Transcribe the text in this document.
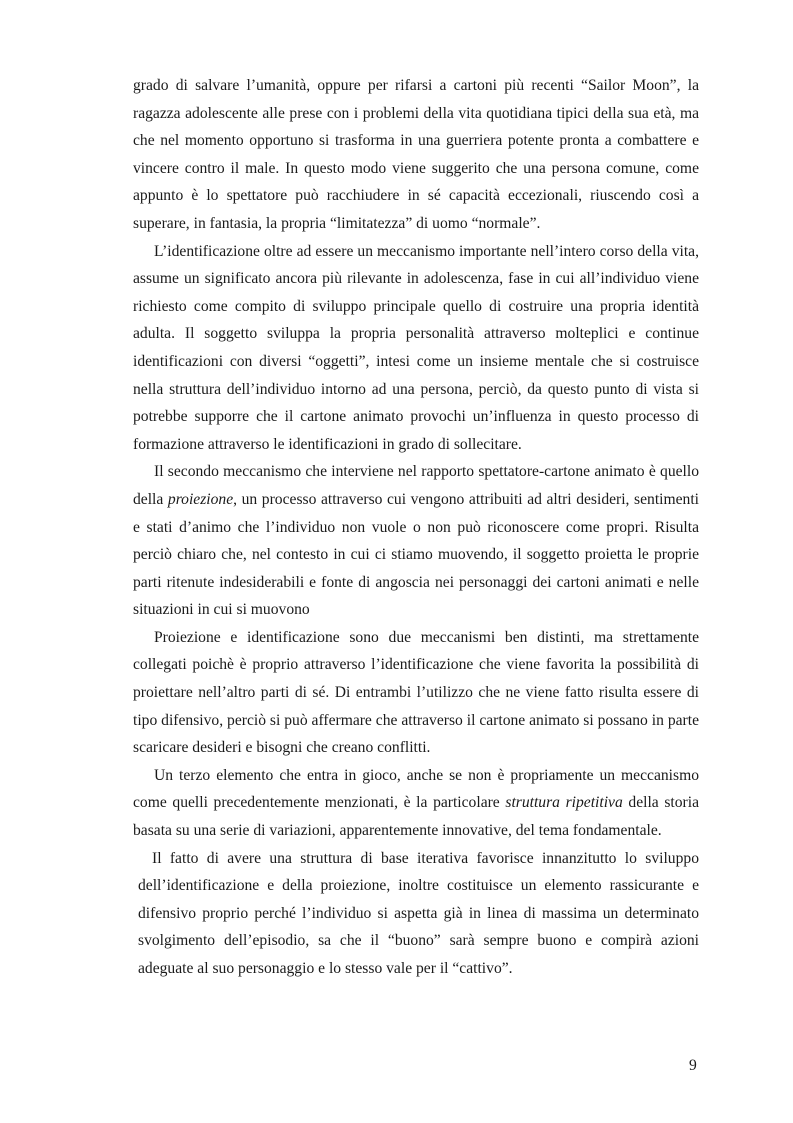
grado di salvare l’umanità, oppure per rifarsi a cartoni più recenti “Sailor Moon”, la ragazza adolescente alle prese con i problemi della vita quotidiana tipici della sua età, ma che nel momento opportuno si trasforma in una guerriera potente pronta a combattere e vincere contro il male. In questo modo viene suggerito che una persona comune, come appunto è lo spettatore può racchiudere in sé capacità eccezionali, riuscendo così a superare, in fantasia, la propria “limitatezza” di uomo “normale”.

L’identificazione oltre ad essere un meccanismo importante nell’intero corso della vita, assume un significato ancora più rilevante in adolescenza, fase in cui all’individuo viene richiesto come compito di sviluppo principale quello di costruire una propria identità adulta. Il soggetto sviluppa la propria personalità attraverso molteplici e continue identificazioni con diversi “oggetti”, intesi come un insieme mentale che si costruisce nella struttura dell’individuo intorno ad una persona, perciò, da questo punto di vista si potrebbe supporre che il cartone animato provochi un’influenza in questo processo di formazione attraverso le identificazioni in grado di sollecitare.

Il secondo meccanismo che interviene nel rapporto spettatore-cartone animato è quello della proiezione, un processo attraverso cui vengono attribuiti ad altri desideri, sentimenti e stati d’animo che l’individuo non vuole o non può riconoscere come propri. Risulta perciò chiaro che, nel contesto in cui ci stiamo muovendo, il soggetto proietta le proprie parti ritenute indesiderabili e fonte di angoscia nei personaggi dei cartoni animati e nelle situazioni in cui si muovono

Proiezione e identificazione sono due meccanismi ben distinti, ma strettamente collegati poichè è proprio attraverso l’identificazione che viene favorita la possibilità di proiettare nell’altro parti di sé. Di entrambi l’utilizzo che ne viene fatto risulta essere di tipo difensivo, perciò si può affermare che attraverso il cartone animato si possano in parte scaricare desideri e bisogni che creano conflitti.

Un terzo elemento che entra in gioco, anche se non è propriamente un meccanismo come quelli precedentemente menzionati, è la particolare struttura ripetitiva della storia basata su una serie di variazioni, apparentemente innovative, del tema fondamentale.

Il fatto di avere una struttura di base iterativa favorisce innanzitutto lo sviluppo dell’identificazione e della proiezione, inoltre costituisce un elemento rassicurante e difensivo proprio perché l’individuo si aspetta già in linea di massima un determinato svolgimento dell’episodio, sa che il “buono” sarà sempre buono e compirà azioni adeguate al suo personaggio e lo stesso vale per il “cattivo”.

9
